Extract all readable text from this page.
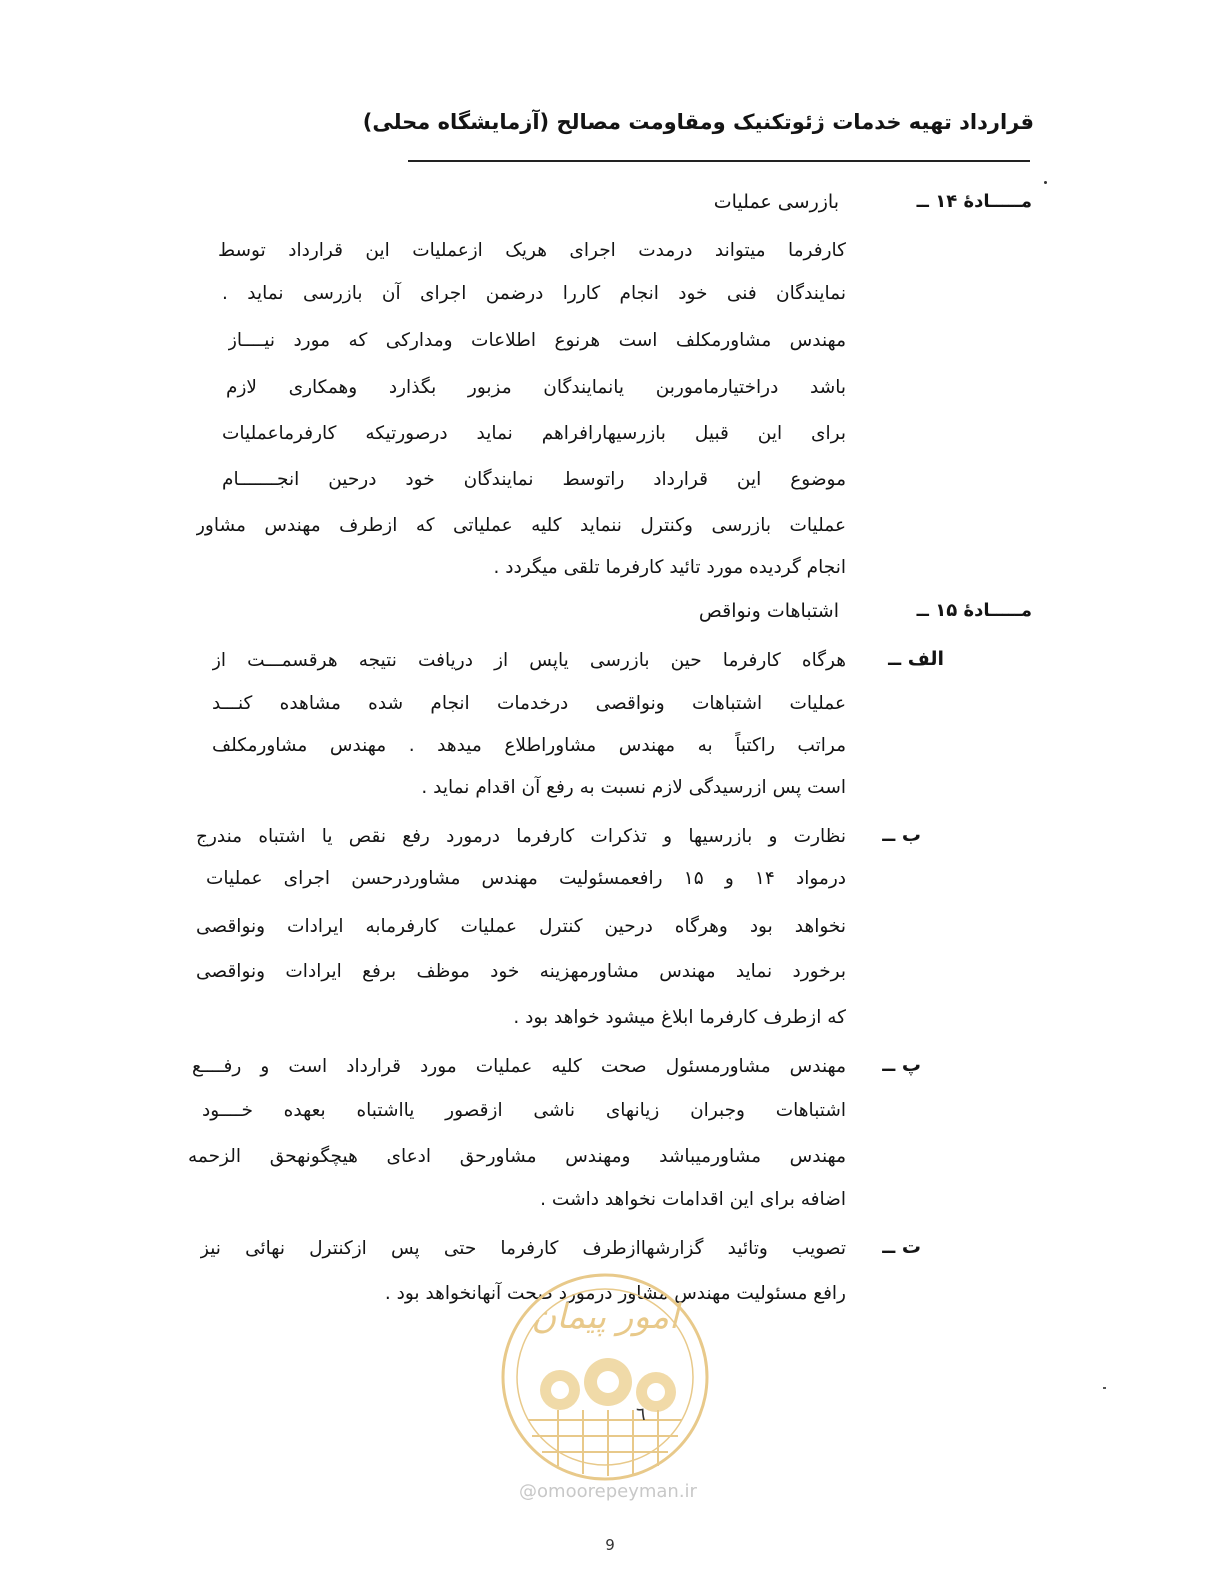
قرارداد تهیه خدمات ژئوتکنیک ومقاومت مصالح (آزمایشگاه محلی)
مـــــادهٔ ۱۴ ــ
بازرسی عملیات
کارفرما میتواند درمدت اجرای هریک ازعملیات این قرارداد توسط
نمایندگان فنی خود انجام کاررا درضمن اجرای آن بازرسی نماید .
مهندس مشاورمکلف است هرنوع اطلاعات ومدارکی که مورد نیــــاز
باشد دراختیارماموربن یانمایندگان مزبور بگذارد وهمکاری لازم
برای این قبیل بازرسیهارافراهم نماید درصورتیکه کارفرماعملیات
موضوع این قرارداد راتوسط نمایندگان خود درحین انجـــــــام
عملیات بازرسی وکنترل ننماید کلیه عملیاتی که ازطرف مهندس مشاور
انجام گردیده مورد تائید کارفرما تلقی میگردد .
مـــــادهٔ ۱۵ ــ
اشتباهات ونواقص
الف ــ
هرگاه کارفرما حین بازرسی یاپس از دریافت نتیجه هرقسمـــت از
عملیات اشتباهات ونواقصی درخدمات انجام شده مشاهده کنـــد
مراتب راکتباً به مهندس مشاوراطلاع میدهد . مهندس مشاورمکلف
است پس ازرسیدگی لازم نسبت به رفع آن اقدام نماید .
ب ــ
نظارت و بازرسیها و تذکرات کارفرما درمورد رفع نقص یا اشتباه مندرج
درمواد ۱۴ و ۱۵ رافعمسئولیت مهندس مشاوردرحسن اجرای عملیات
نخواهد بود وهرگاه درحین کنترل عملیات کارفرمابه ایرادات ونواقصی
برخورد نماید مهندس مشاورمهزینه خود موظف برفع ایرادات ونواقصی
که ازطرف کارفرما ابلاغ میشود خواهد بود .
پ ــ
مهندس مشاورمسئول صحت کلیه عملیات مورد قرارداد است و رفــــع
اشتباهات وجبران زیانهای ناشی ازقصور یااشتباه بعهده خــــود
مهندس مشاورمیباشد ومهندس مشاورحق ادعای هیچگونهحق الزحمه
اضافه برای این اقدامات نخواهد داشت .
ت ــ
تصویب وتائید گزارشهاازطرف کارفرما حتی پس ازکنترل نهائی نیز
رافع مسئولیت مهندس مشاور درمورد صحت آنهانخواهد بود .
امور پیمان
٦
@omoorepeyman.ir
9
